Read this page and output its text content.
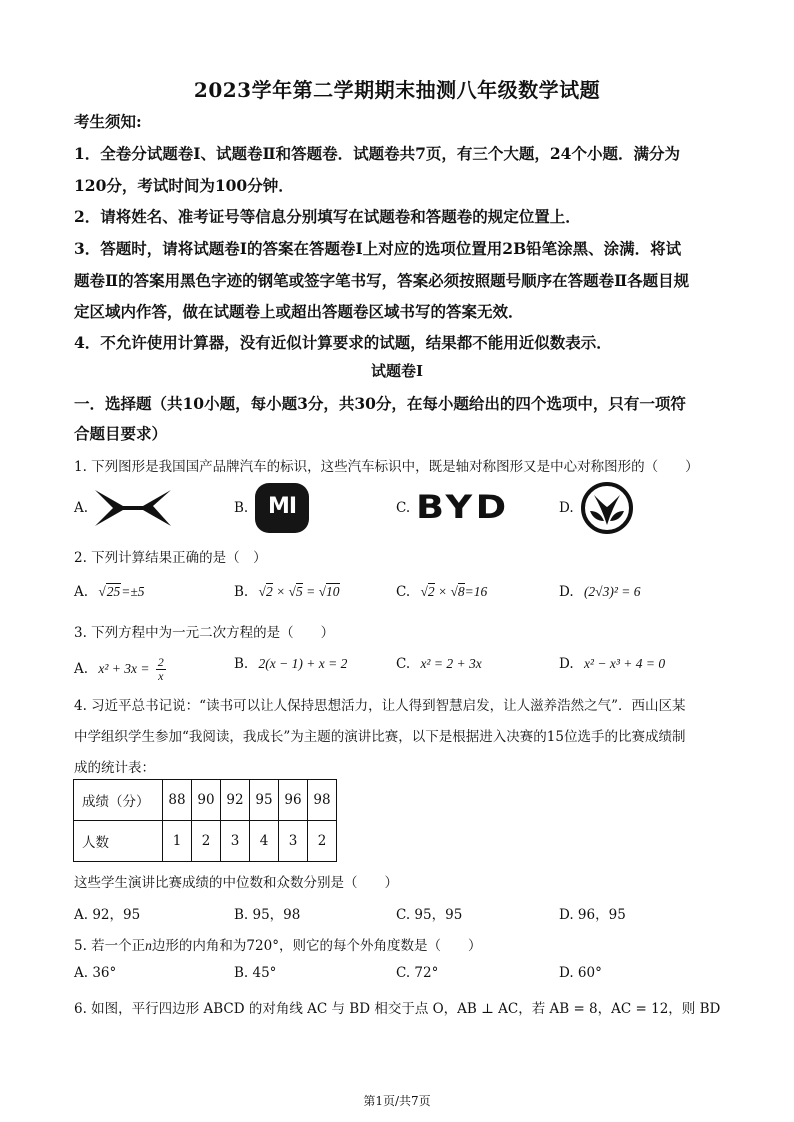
2023学年第二学期期末抽测八年级数学试题
考生须知:
1．全卷分试题卷Ⅰ、试题卷Ⅱ和答题卷．试题卷共7页，有三个大题，24个小题．满分为
120分，考试时间为100分钟．
2．请将姓名、准考证号等信息分别填写在试题卷和答题卷的规定位置上．
3．答题时，请将试题卷Ⅰ的答案在答题卷Ⅰ上对应的选项位置用2B铅笔涂黑、涂满．将试
题卷Ⅱ的答案用黑色字迹的钢笔或签字笔书写，答案必须按照题号顺序在答题卷Ⅱ各题目规
定区域内作答，做在试题卷上或超出答题卷区域书写的答案无效．
4．不允许使用计算器，没有近似计算要求的试题，结果都不能用近似数表示．
试题卷Ⅰ
一．选择题（共10小题，每小题3分，共30分，在每小题给出的四个选项中，只有一项符
合题目要求）
1. 下列图形是我国国产品牌汽车的标识，这些汽车标识中，既是轴对称图形又是中心对称图形的（　　）
A.	B. MI	C. BYD	D.
2. 下列计算结果正确的是（　）
A. √25=±5	B. √2 × √5 = √10	C. √2 × √8=16	D. (2√3)² = 6
3. 下列方程中为一元二次方程的是（　　）
A. $x^2 + 3x = \frac{2}{x}$	B. 2(x − 1) + x = 2	C. x² = 2 + 3x	D. x² − x³ + 4 = 0
4. 习近平总书记说：“读书可以让人保持思想活力，让人得到智慧启发，让人滋养浩然之气”．西山区某
中学组织学生参加“我阅读，我成长”为主题的演讲比赛，以下是根据进入决赛的15位选手的比赛成绩制
成的统计表：
成绩（分）	88	90	92	95	96	98
人数	1	2	3	4	3	2
这些学生演讲比赛成绩的中位数和众数分别是（　　）
A. 92，95	B. 95，98	C. 95，95	D. 96，95
5. 若一个正n边形的内角和为720°，则它的每个外角度数是（　　）
A. 36°	B. 45°	C. 72°	D. 60°
6. 如图，平行四边形 ABCD 的对角线 AC 与 BD 相交于点 O，AB ⊥ AC，若 AB = 8，AC = 12，则 BD
第1页/共7页
